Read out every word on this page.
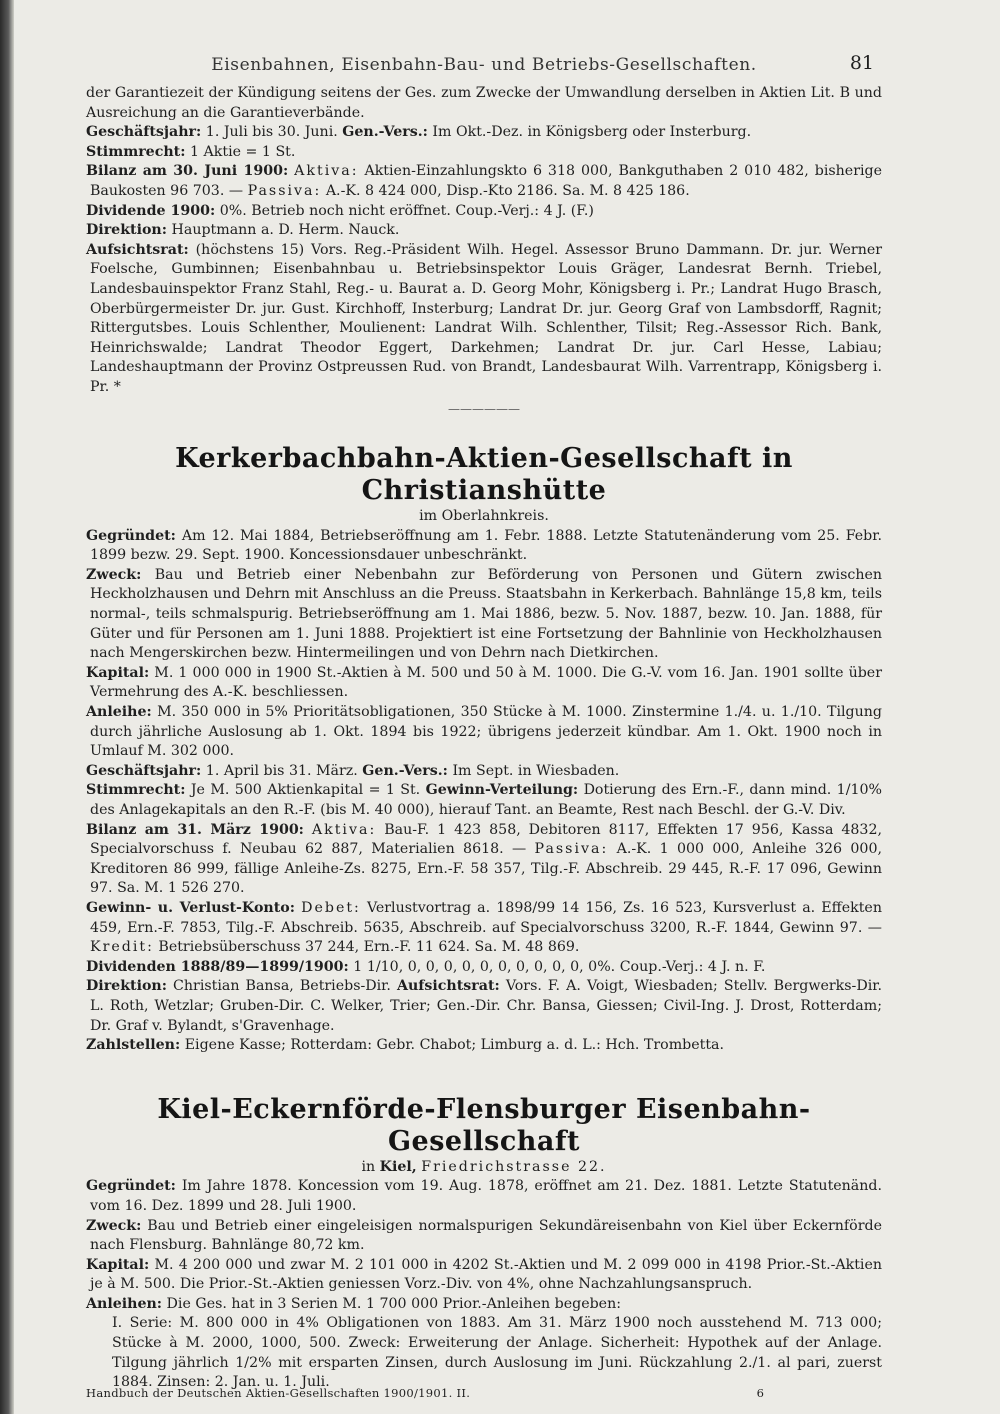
Eisenbahnen, Eisenbahn-Bau- und Betriebs-Gesellschaften.	81

der Garantiezeit der Kündigung seitens der Ges. zum Zwecke der Umwandlung derselben in Aktien Lit. B und Ausreichung an die Garantieverbände.

Geschäftsjahr: 1. Juli bis 30. Juni. Gen.-Vers.: Im Okt.-Dez. in Königsberg oder Insterburg.

Stimmrecht: 1 Aktie = 1 St.

Bilanz am 30. Juni 1900: Aktiva: Aktien-Einzahlungskto 6 318 000, Bankguthaben 2 010 482, bisherige Baukosten 96 703. — Passiva: A.-K. 8 424 000, Disp.-Kto 2186. Sa. M. 8 425 186.

Dividende 1900: 0%. Betrieb noch nicht eröffnet. Coup.-Verj.: 4 J. (F.)

Direktion: Hauptmann a. D. Herm. Nauck.

Aufsichtsrat: (höchstens 15) Vors. Reg.-Präsident Wilh. Hegel. Assessor Bruno Dammann. Dr. jur. Werner Foelsche, Gumbinnen; Eisenbahnbau u. Betriebsinspektor Louis Gräger, Landesrat Bernh. Triebel, Landesbauinspektor Franz Stahl, Reg.- u. Baurat a. D. Georg Mohr, Königsberg i. Pr.; Landrat Hugo Brasch, Oberbürgermeister Dr. jur. Gust. Kirchhoff, Insterburg; Landrat Dr. jur. Georg Graf von Lambsdorff, Ragnit; Rittergutsbes. Louis Schlenther, Moulienent: Landrat Wilh. Schlenther, Tilsit; Reg.-Assessor Rich. Bank, Heinrichswalde; Landrat Theodor Eggert, Darkehmen; Landrat Dr. jur. Carl Hesse, Labiau; Landeshauptmann der Provinz Ostpreussen Rud. von Brandt, Landesbaurat Wilh. Varrentrapp, Königsberg i. Pr. *

——————
Kerkerbachbahn-Aktien-Gesellschaft in Christianshütte

im Oberlahnkreis.

Gegründet: Am 12. Mai 1884, Betriebseröffnung am 1. Febr. 1888. Letzte Statutenänderung vom 25. Febr. 1899 bezw. 29. Sept. 1900. Koncessionsdauer unbeschränkt.

Zweck: Bau und Betrieb einer Nebenbahn zur Beförderung von Personen und Gütern zwischen Heckholzhausen und Dehrn mit Anschluss an die Preuss. Staatsbahn in Kerkerbach. Bahnlänge 15,8 km, teils normal-, teils schmalspurig. Betriebseröffnung am 1. Mai 1886, bezw. 5. Nov. 1887, bezw. 10. Jan. 1888, für Güter und für Personen am 1. Juni 1888. Projektiert ist eine Fortsetzung der Bahnlinie von Heckholzhausen nach Mengerskirchen bezw. Hintermeilingen und von Dehrn nach Dietkirchen.

Kapital: M. 1 000 000 in 1900 St.-Aktien à M. 500 und 50 à M. 1000. Die G.-V. vom 16. Jan. 1901 sollte über Vermehrung des A.-K. beschliessen.

Anleihe: M. 350 000 in 5% Prioritätsobligationen, 350 Stücke à M. 1000. Zinstermine 1./4. u. 1./10. Tilgung durch jährliche Auslosung ab 1. Okt. 1894 bis 1922; übrigens jederzeit kündbar. Am 1. Okt. 1900 noch in Umlauf M. 302 000.

Geschäftsjahr: 1. April bis 31. März. Gen.-Vers.: Im Sept. in Wiesbaden.

Stimmrecht: Je M. 500 Aktienkapital = 1 St. Gewinn-Verteilung: Dotierung des Ern.-F., dann mind. 1/10% des Anlagekapitals an den R.-F. (bis M. 40 000), hierauf Tant. an Beamte, Rest nach Beschl. der G.-V. Div.

Bilanz am 31. März 1900: Aktiva: Bau-F. 1 423 858, Debitoren 8117, Effekten 17 956, Kassa 4832, Specialvorschuss f. Neubau 62 887, Materialien 8618. — Passiva: A.-K. 1 000 000, Anleihe 326 000, Kreditoren 86 999, fällige Anleihe-Zs. 8275, Ern.-F. 58 357, Tilg.-F. Abschreib. 29 445, R.-F. 17 096, Gewinn 97. Sa. M. 1 526 270.

Gewinn- u. Verlust-Konto: Debet: Verlustvortrag a. 1898/99 14 156, Zs. 16 523, Kursverlust a. Effekten 459, Ern.-F. 7853, Tilg.-F. Abschreib. 5635, Abschreib. auf Specialvorschuss 3200, R.-F. 1844, Gewinn 97. — Kredit: Betriebsüberschuss 37 244, Ern.-F. 11 624. Sa. M. 48 869.

Dividenden 1888/89—1899/1900: 1 1/10, 0, 0, 0, 0, 0, 0, 0, 0, 0, 0, 0%. Coup.-Verj.: 4 J. n. F.

Direktion: Christian Bansa, Betriebs-Dir. Aufsichtsrat: Vors. F. A. Voigt, Wiesbaden; Stellv. Bergwerks-Dir. L. Roth, Wetzlar; Gruben-Dir. C. Welker, Trier; Gen.-Dir. Chr. Bansa, Giessen; Civil-Ing. J. Drost, Rotterdam; Dr. Graf v. Bylandt, s'Gravenhage.

Zahlstellen: Eigene Kasse; Rotterdam: Gebr. Chabot; Limburg a. d. L.: Hch. Trombetta.

Kiel-Eckernförde-Flensburger Eisenbahn-Gesellschaft

in Kiel, Friedrichstrasse 22.

Gegründet: Im Jahre 1878. Koncession vom 19. Aug. 1878, eröffnet am 21. Dez. 1881. Letzte Statutenänd. vom 16. Dez. 1899 und 28. Juli 1900.

Zweck: Bau und Betrieb einer eingeleisigen normalspurigen Sekundäreisenbahn von Kiel über Eckernförde nach Flensburg. Bahnlänge 80,72 km.

Kapital: M. 4 200 000 und zwar M. 2 101 000 in 4202 St.-Aktien und M. 2 099 000 in 4198 Prior.-St.-Aktien je à M. 500. Die Prior.-St.-Aktien geniessen Vorz.-Div. von 4%, ohne Nachzahlungsanspruch.

Anleihen: Die Ges. hat in 3 Serien M. 1 700 000 Prior.-Anleihen begeben:

I. Serie: M. 800 000 in 4% Obligationen von 1883. Am 31. März 1900 noch ausstehend M. 713 000; Stücke à M. 2000, 1000, 500. Zweck: Erweiterung der Anlage. Sicherheit: Hypothek auf der Anlage. Tilgung jährlich 1/2% mit ersparten Zinsen, durch Auslosung im Juni. Rückzahlung 2./1. al pari, zuerst 1884. Zinsen: 2. Jan. u. 1. Juli.

Handbuch der Deutschen Aktien-Gesellschaften 1900/1901. II.	6
